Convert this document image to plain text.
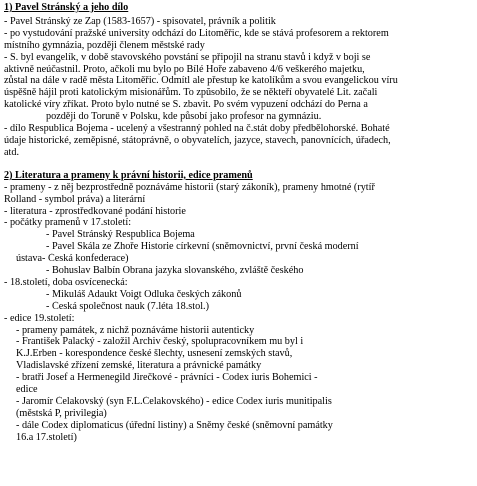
1) Pavel Stránský a jeho dílo
- Pavel Stránský ze Zap (1583-1657) - spisovatel, právník a politik
- po vystudování pražské university odchází do Litoměřic, kde se stává profesorem a rektorem
místního gymnázia, později členem městské rady
- S. byl evangelík, v době stavovského povstání se připojil na stranu stavů i když v boji se
aktivně neúčastnil. Proto, ačkoli mu bylo po Bílé Hoře zabaveno 4/6 veškerého majetku,
zůstal na dále v radě města Litoměřic. Odmítl ale přestup ke katolíkům a svou evangelickou víru
úspěšně hájil proti katolickým misionářům. To zpŭsobilo, že se někteří obyvatelé Lit. začali
katolické víry zříkat. Proto bylo nutné se S. zbavit. Po svém vypuzení odchází do Perna a
později do Toruně v Polsku, kde působí jako profesor na gymnáziu.
- dílo Respublica Bojema - ucelený a všestranný pohled na č.stát doby předbělohorské. Bohaté
údaje historické, zeměpisné, státoprávně, o obyvatelích, jazyce, stavech, panovnících, úřadech,
atd.
2) Literatura a prameny k právní historii, edice pramenů
- prameny - z něj bezprostředně poznáváme historii (starý zákoník), prameny hmotné (rytíř
Rolland - symbol práva) a literární
- literatura - zprostředkované podání historie
- počátky pramenů v 17.století:
- Pavel Stránský Respublica Bojema
- Pavel Skála ze Zhoře Historie církevní (sněmovnictví, první česká moderní
ústava- Česká konfederace)
- Bohuslav Balbín Obrana jazyka slovanského, zvláště českého
- 18.století, doba osvícenecká:
- Mikuláš Adaukt Voigt Odluka českých zákonů
- Česká společnost nauk (7.léta 18.stol.)
- edice 19.století:
- prameny památek, z nichž poznáváme historii autenticky
- František Palacký - založil Archiv český, spolupracovníkem mu byl i
K.J.Erben - korespondence české šlechty, usnesení zemských stavů,
Vladislavské zřízení zemské, literatura a právnické památky
- bratři Josef a Hermenegild Jirečkové - právníci - Codex iuris Bohemici -
edice
- Jaromír Čelakovský (syn F.L.Čelakovského) - edice Codex iuris munitipalis
(městská P, privilegia)
- dále Codex diplomaticus (úřední listiny) a Sněmy české (sněmovní památky
16.a 17.století)
